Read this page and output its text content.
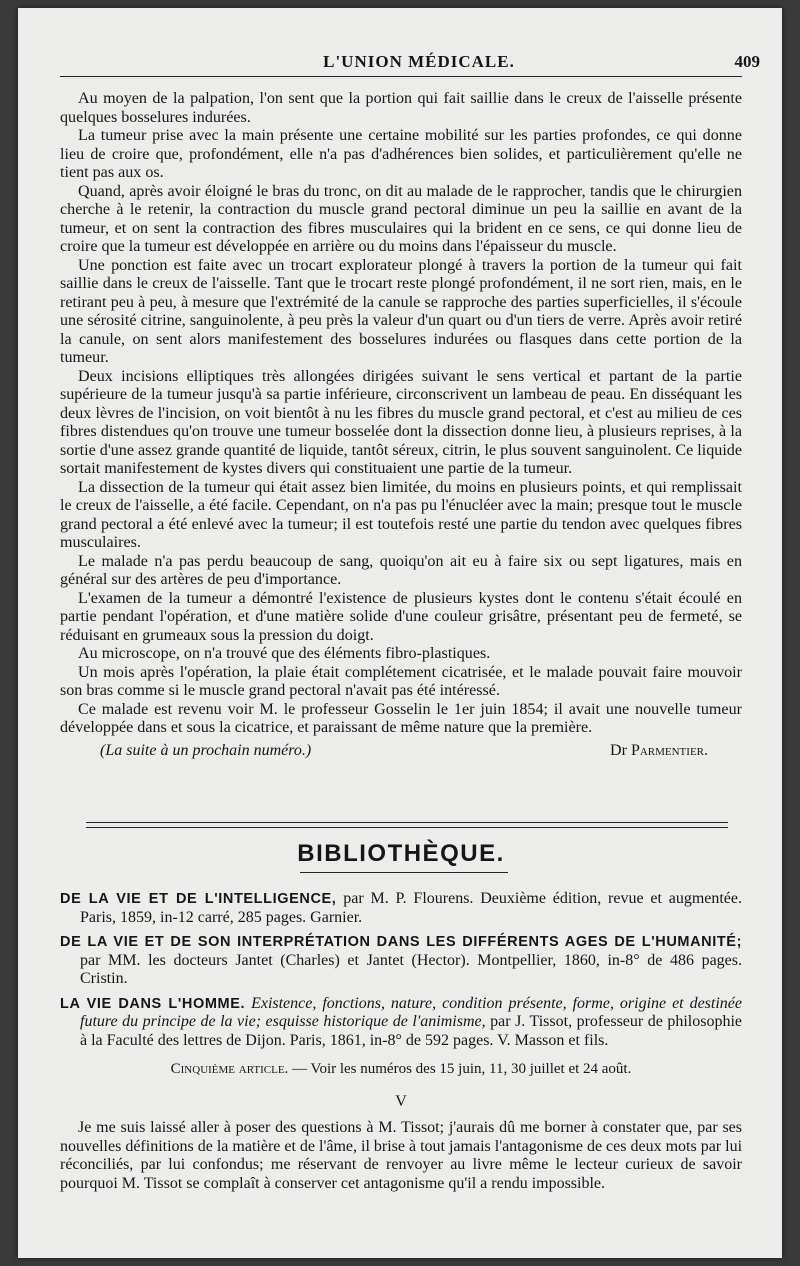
L'UNION MÉDICALE.	409

Au moyen de la palpation, l'on sent que la portion qui fait saillie dans le creux de l'aisselle présente quelques bosselures indurées.

La tumeur prise avec la main présente une certaine mobilité sur les parties profondes, ce qui donne lieu de croire que, profondément, elle n'a pas d'adhérences bien solides, et particulièrement qu'elle ne tient pas aux os.

Quand, après avoir éloigné le bras du tronc, on dit au malade de le rapprocher, tandis que le chirurgien cherche à le retenir, la contraction du muscle grand pectoral diminue un peu la saillie en avant de la tumeur, et on sent la contraction des fibres musculaires qui la brident en ce sens, ce qui donne lieu de croire que la tumeur est développée en arrière ou du moins dans l'épaisseur du muscle.

Une ponction est faite avec un trocart explorateur plongé à travers la portion de la tumeur qui fait saillie dans le creux de l'aisselle. Tant que le trocart reste plongé profondément, il ne sort rien, mais, en le retirant peu à peu, à mesure que l'extrémité de la canule se rapproche des parties superficielles, il s'écoule une sérosité citrine, sanguinolente, à peu près la valeur d'un quart ou d'un tiers de verre. Après avoir retiré la canule, on sent alors manifestement des bosselures indurées ou flasques dans cette portion de la tumeur.

Deux incisions elliptiques très allongées dirigées suivant le sens vertical et partant de la partie supérieure de la tumeur jusqu'à sa partie inférieure, circonscrivent un lambeau de peau. En disséquant les deux lèvres de l'incision, on voit bientôt à nu les fibres du muscle grand pectoral, et c'est au milieu de ces fibres distendues qu'on trouve une tumeur bosselée dont la dissection donne lieu, à plusieurs reprises, à la sortie d'une assez grande quantité de liquide, tantôt séreux, citrin, le plus souvent sanguinolent. Ce liquide sortait manifestement de kystes divers qui constituaient une partie de la tumeur.

La dissection de la tumeur qui était assez bien limitée, du moins en plusieurs points, et qui remplissait le creux de l'aisselle, a été facile. Cependant, on n'a pas pu l'énucléer avec la main; presque tout le muscle grand pectoral a été enlevé avec la tumeur; il est toutefois resté une partie du tendon avec quelques fibres musculaires.

Le malade n'a pas perdu beaucoup de sang, quoiqu'on ait eu à faire six ou sept ligatures, mais en général sur des artères de peu d'importance.

L'examen de la tumeur a démontré l'existence de plusieurs kystes dont le contenu s'était écoulé en partie pendant l'opération, et d'une matière solide d'une couleur grisâtre, présentant peu de fermeté, se réduisant en grumeaux sous la pression du doigt.

Au microscope, on n'a trouvé que des éléments fibro-plastiques.

Un mois après l'opération, la plaie était complétement cicatrisée, et le malade pouvait faire mouvoir son bras comme si le muscle grand pectoral n'avait pas été intéressé.

Ce malade est revenu voir M. le professeur Gosselin le 1er juin 1854; il avait une nouvelle tumeur développée dans et sous la cicatrice, et paraissant de même nature que la première.

(La suite à un prochain numéro.)	Dr Parmentier.
BIBLIOTHÈQUE.
DE LA VIE ET DE L'INTELLIGENCE, par M. P. Flourens. Deuxième édition, revue et augmentée. Paris, 1859, in-12 carré, 285 pages. Garnier.
DE LA VIE ET DE SON INTERPRÉTATION DANS LES DIFFÉRENTS AGES DE L'HUMANITÉ; par MM. les docteurs Jantet (Charles) et Jantet (Hector). Montpellier, 1860, in-8° de 486 pages. Cristin.
LA VIE DANS L'HOMME. Existence, fonctions, nature, condition présente, forme, origine et destinée future du principe de la vie; esquisse historique de l'animisme, par J. Tissot, professeur de philosophie à la Faculté des lettres de Dijon. Paris, 1861, in-8° de 592 pages. V. Masson et fils.
Cinquième article. — Voir les numéros des 15 juin, 11, 30 juillet et 24 août.
V

Je me suis laissé aller à poser des questions à M. Tissot; j'aurais dû me borner à constater que, par ses nouvelles définitions de la matière et de l'âme, il brise à tout jamais l'antagonisme de ces deux mots par lui réconciliés, par lui confondus; me réservant de renvoyer au livre même le lecteur curieux de savoir pourquoi M. Tissot se complaît à conserver cet antagonisme qu'il a rendu impossible.
